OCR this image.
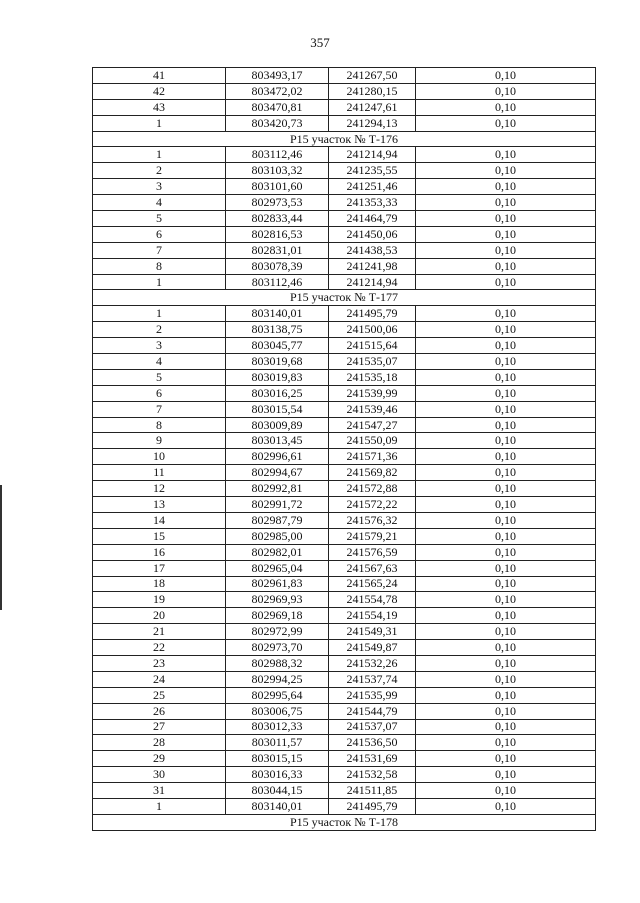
357
41	803493,17	241267,50	0,10
42	803472,02	241280,15	0,10
43	803470,81	241247,61	0,10
1	803420,73	241294,13	0,10
Р15 участок № Т-176			
1	803112,46	241214,94	0,10
2	803103,32	241235,55	0,10
3	803101,60	241251,46	0,10
4	802973,53	241353,33	0,10
5	802833,44	241464,79	0,10
6	802816,53	241450,06	0,10
7	802831,01	241438,53	0,10
8	803078,39	241241,98	0,10
1	803112,46	241214,94	0,10
Р15 участок № Т-177			
1	803140,01	241495,79	0,10
2	803138,75	241500,06	0,10
3	803045,77	241515,64	0,10
4	803019,68	241535,07	0,10
5	803019,83	241535,18	0,10
6	803016,25	241539,99	0,10
7	803015,54	241539,46	0,10
8	803009,89	241547,27	0,10
9	803013,45	241550,09	0,10
10	802996,61	241571,36	0,10
11	802994,67	241569,82	0,10
12	802992,81	241572,88	0,10
13	802991,72	241572,22	0,10
14	802987,79	241576,32	0,10
15	802985,00	241579,21	0,10
16	802982,01	241576,59	0,10
17	802965,04	241567,63	0,10
18	802961,83	241565,24	0,10
19	802969,93	241554,78	0,10
20	802969,18	241554,19	0,10
21	802972,99	241549,31	0,10
22	802973,70	241549,87	0,10
23	802988,32	241532,26	0,10
24	802994,25	241537,74	0,10
25	802995,64	241535,99	0,10
26	803006,75	241544,79	0,10
27	803012,33	241537,07	0,10
28	803011,57	241536,50	0,10
29	803015,15	241531,69	0,10
30	803016,33	241532,58	0,10
31	803044,15	241511,85	0,10
1	803140,01	241495,79	0,10
Р15 участок № Т-178			
